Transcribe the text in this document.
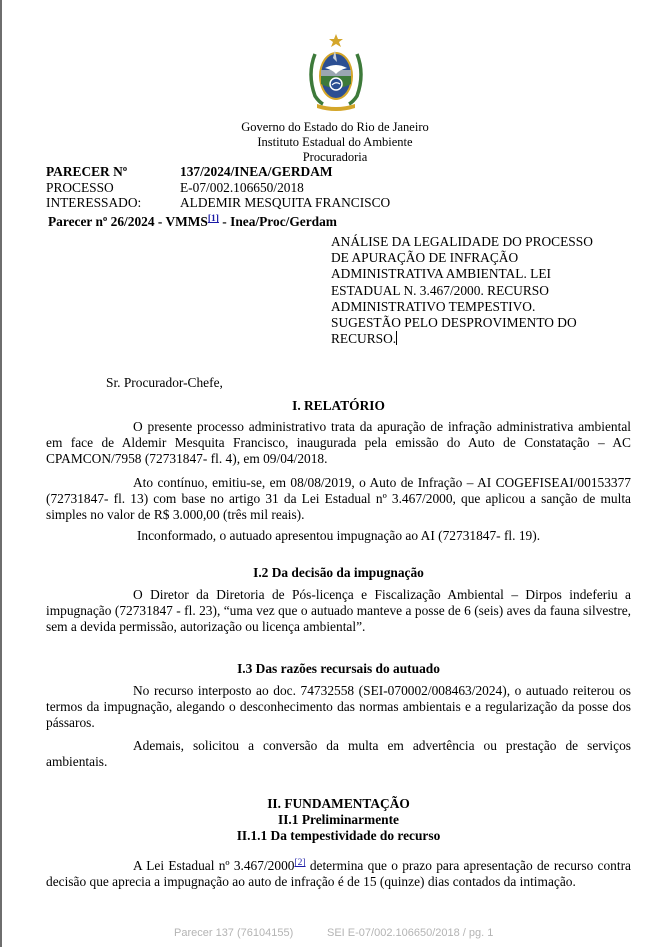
Governo do Estado do Rio de Janeiro
Instituto Estadual do Ambiente
Procuradoria
PARECER Nº	137/2024/INEA/GERDAM
PROCESSO	E-07/002.106650/2018
INTERESSADO:	ALDEMIR MESQUITA FRANCISCO
Parecer nº 26/2024 - VMMS[1] - Inea/Proc/Gerdam
ANÁLISE DA LEGALIDADE DO PROCESSO DE APURAÇÃO DE INFRAÇÃO ADMINISTRATIVA AMBIENTAL. LEI ESTADUAL N. 3.467/2000. RECURSO ADMINISTRATIVO TEMPESTIVO. SUGESTÃO PELO DESPROVIMENTO DO RECURSO.
Sr. Procurador-Chefe,
I. RELATÓRIO
O presente processo administrativo trata da apuração de infração administrativa ambiental em face de Aldemir Mesquita Francisco, inaugurada pela emissão do Auto de Constatação – AC CPAMCON/7958 (72731847- fl. 4), em 09/04/2018.
Ato contínuo, emitiu-se, em 08/08/2019, o Auto de Infração – AI COGEFISEAI/00153377 (72731847- fl. 13) com base no artigo 31 da Lei Estadual nº 3.467/2000, que aplicou a sanção de multa simples no valor de R$ 3.000,00 (três mil reais).
Inconformado, o autuado apresentou impugnação ao AI (72731847- fl. 19).
I.2 Da decisão da impugnação
O Diretor da Diretoria de Pós-licença e Fiscalização Ambiental – Dirpos indeferiu a impugnação (72731847 - fl. 23), “uma vez que o autuado manteve a posse de 6 (seis) aves da fauna silvestre, sem a devida permissão, autorização ou licença ambiental”.
I.3 Das razões recursais do autuado
No recurso interposto ao doc. 74732558 (SEI-070002/008463/2024), o autuado reiterou os termos da impugnação, alegando o desconhecimento das normas ambientais e a regularização da posse dos pássaros.
Ademais, solicitou a conversão da multa em advertência ou prestação de serviços ambientais.
II. FUNDAMENTAÇÃO
II.1 Preliminarmente
II.1.1 Da tempestividade do recurso
A Lei Estadual nº 3.467/2000[2] determina que o prazo para apresentação de recurso contra decisão que aprecia a impugnação ao auto de infração é de 15 (quinze) dias contados da intimação.
Parecer 137 (76104155)	SEI E-07/002.106650/2018 / pg. 1
